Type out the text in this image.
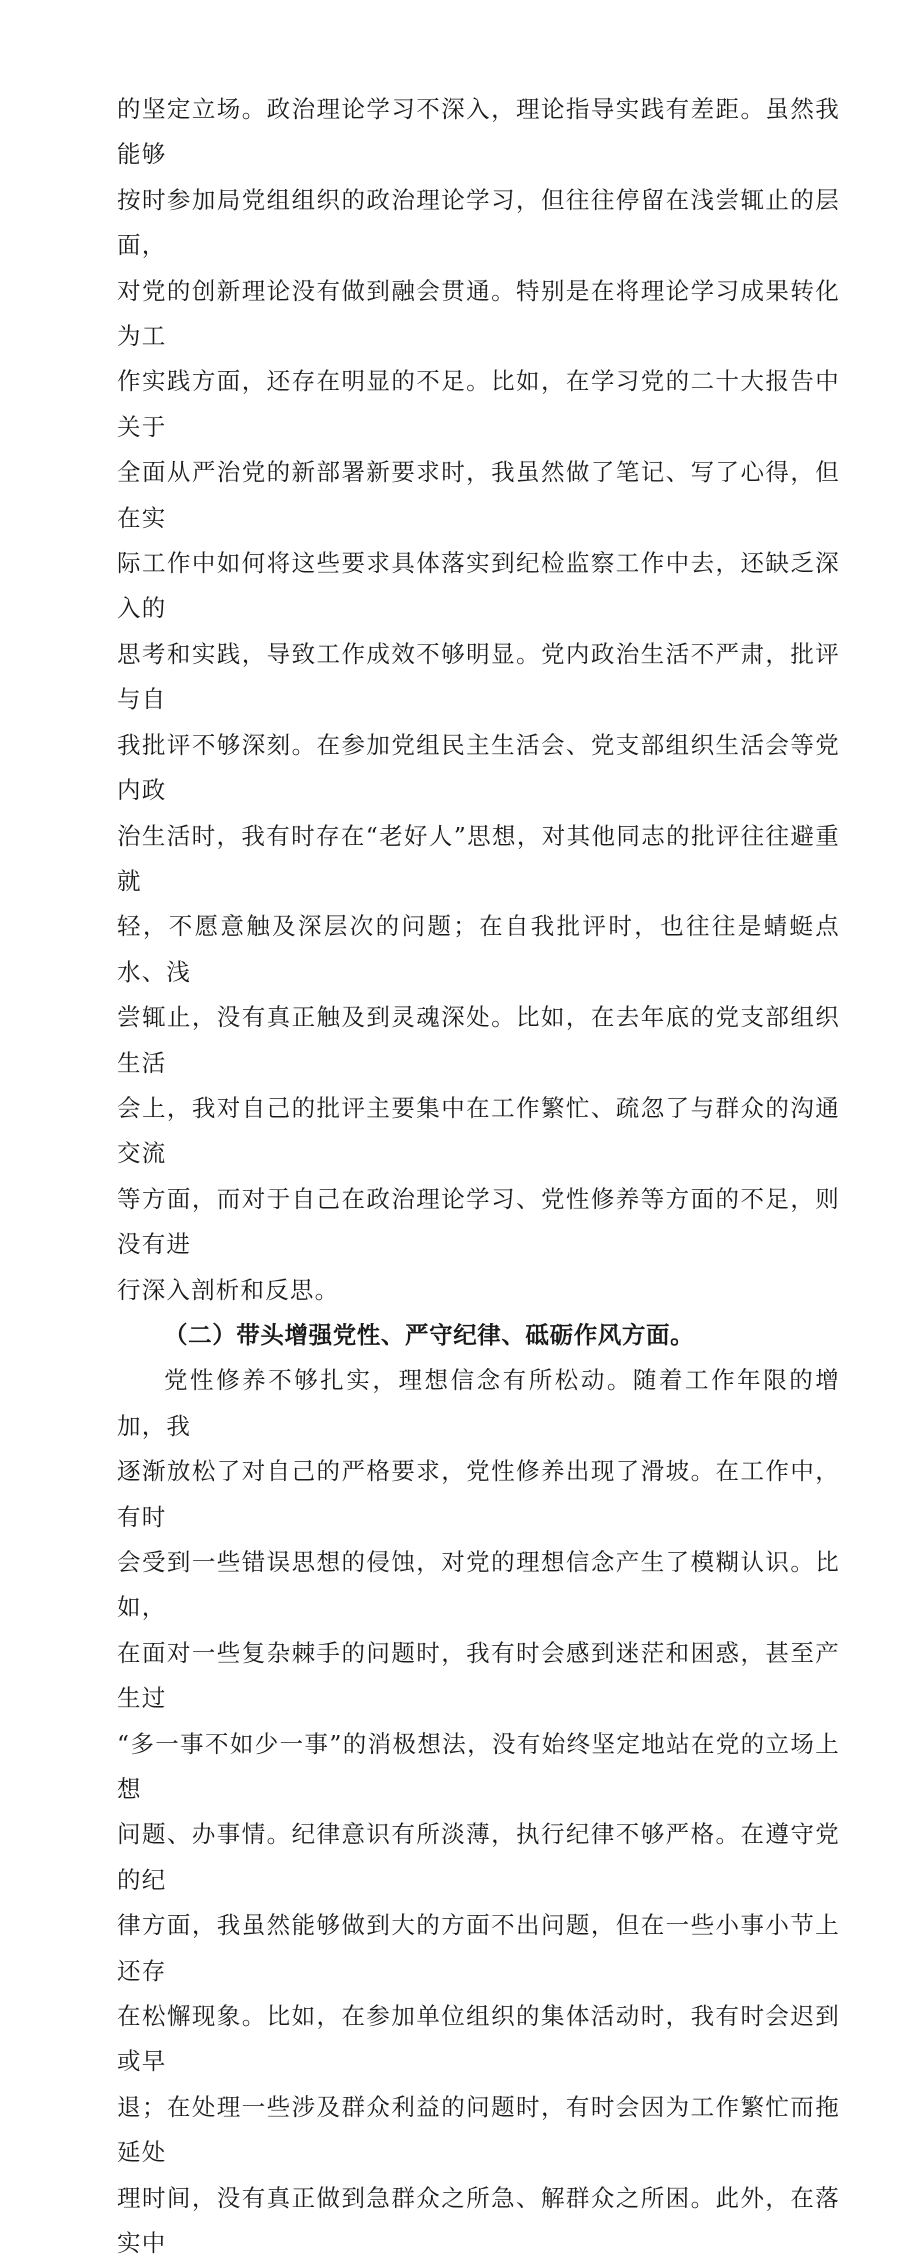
的坚定立场。政治理论学习不深入，理论指导实践有差距。虽然我能够
按时参加局党组组织的政治理论学习，但往往停留在浅尝辄止的层面，
对党的创新理论没有做到融会贯通。特别是在将理论学习成果转化为工
作实践方面，还存在明显的不足。比如，在学习党的二十大报告中关于
全面从严治党的新部署新要求时，我虽然做了笔记、写了心得，但在实
际工作中如何将这些要求具体落实到纪检监察工作中去，还缺乏深入的
思考和实践，导致工作成效不够明显。党内政治生活不严肃，批评与自
我批评不够深刻。在参加党组民主生活会、党支部组织生活会等党内政
治生活时，我有时存在“老好人”思想，对其他同志的批评往往避重就
轻，不愿意触及深层次的问题；在自我批评时，也往往是蜻蜓点水、浅
尝辄止，没有真正触及到灵魂深处。比如，在去年底的党支部组织生活
会上，我对自己的批评主要集中在工作繁忙、疏忽了与群众的沟通交流
等方面，而对于自己在政治理论学习、党性修养等方面的不足，则没有进
行深入剖析和反思。

（二）带头增强党性、严守纪律、砥砺作风方面。

党性修养不够扎实，理想信念有所松动。随着工作年限的增加，我
逐渐放松了对自己的严格要求，党性修养出现了滑坡。在工作中，有时
会受到一些错误思想的侵蚀，对党的理想信念产生了模糊认识。比如，
在面对一些复杂棘手的问题时，我有时会感到迷茫和困惑，甚至产生过
“多一事不如少一事”的消极想法，没有始终坚定地站在党的立场上想
问题、办事情。纪律意识有所淡薄，执行纪律不够严格。在遵守党的纪
律方面，我虽然能够做到大的方面不出问题，但在一些小事小节上还存
在松懈现象。比如，在参加单位组织的集体活动时，我有时会迟到或早
退；在处理一些涉及群众利益的问题时，有时会因为工作繁忙而拖延处
理时间，没有真正做到急群众之所急、解群众之所困。此外，在落实中
